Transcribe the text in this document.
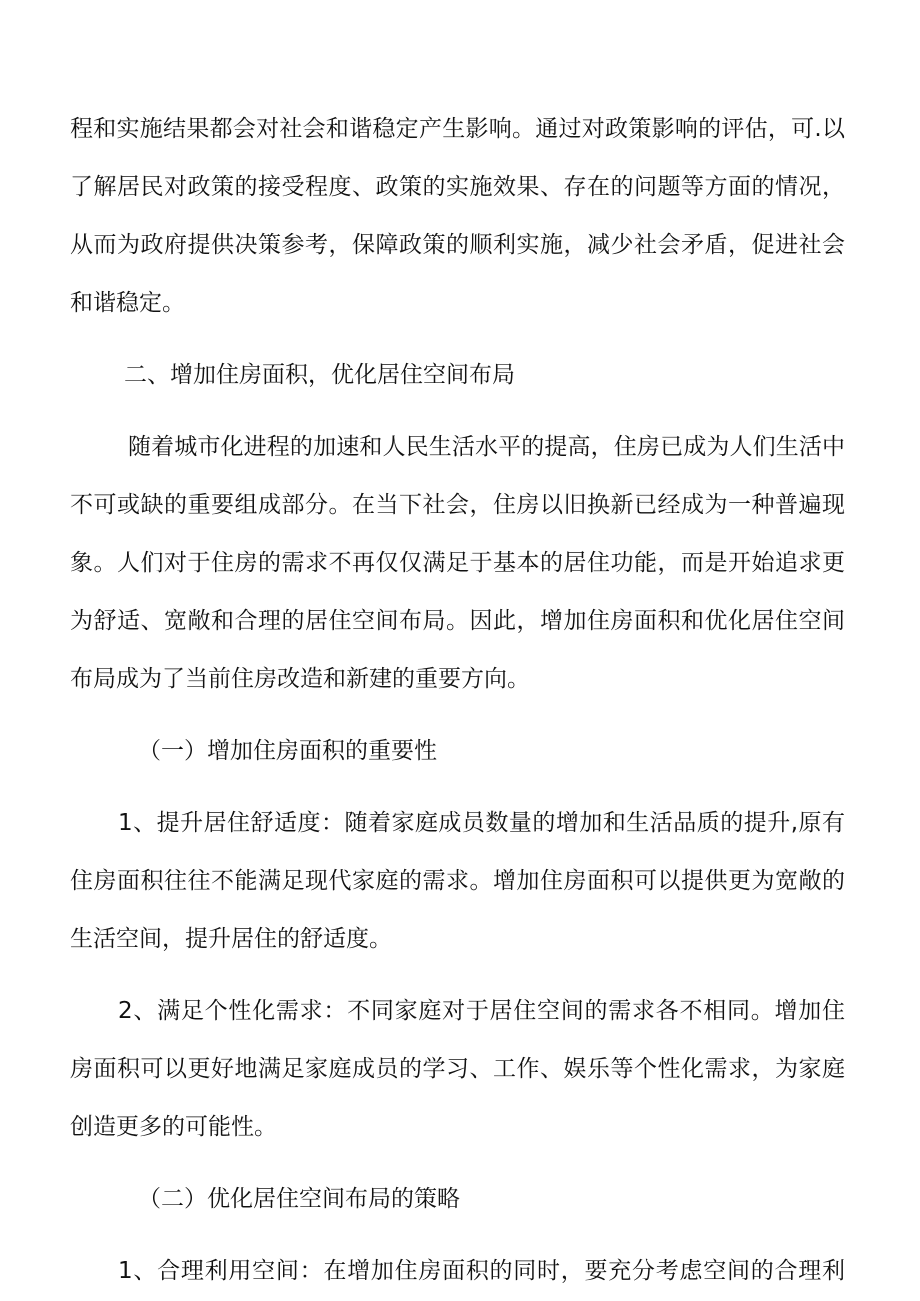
程和实施结果都会对社会和谐稳定产生影响。通过对政策影响的评估，可.以
了解居民对政策的接受程度、政策的实施效果、存在的问题等方面的情况，
从而为政府提供决策参考，保障政策的顺利实施，减少社会矛盾，促进社会
和谐稳定。
二、增加住房面积，优化居住空间布局
随着城市化进程的加速和人民生活水平的提高，住房已成为人们生活中
不可或缺的重要组成部分。在当下社会，住房以旧换新已经成为一种普遍现
象。人们对于住房的需求不再仅仅满足于基本的居住功能，而是开始追求更
为舒适、宽敞和合理的居住空间布局。因此，增加住房面积和优化居住空间
布局成为了当前住房改造和新建的重要方向。
（一）增加住房面积的重要性
1、提升居住舒适度：随着家庭成员数量的增加和生活品质的提升,原有
住房面积往往不能满足现代家庭的需求。增加住房面积可以提供更为宽敞的
生活空间，提升居住的舒适度。
2、满足个性化需求：不同家庭对于居住空间的需求各不相同。增加住
房面积可以更好地满足家庭成员的学习、工作、娱乐等个性化需求，为家庭
创造更多的可能性。
（二）优化居住空间布局的策略
1、合理利用空间：在增加住房面积的同时，要充分考虑空间的合理利
